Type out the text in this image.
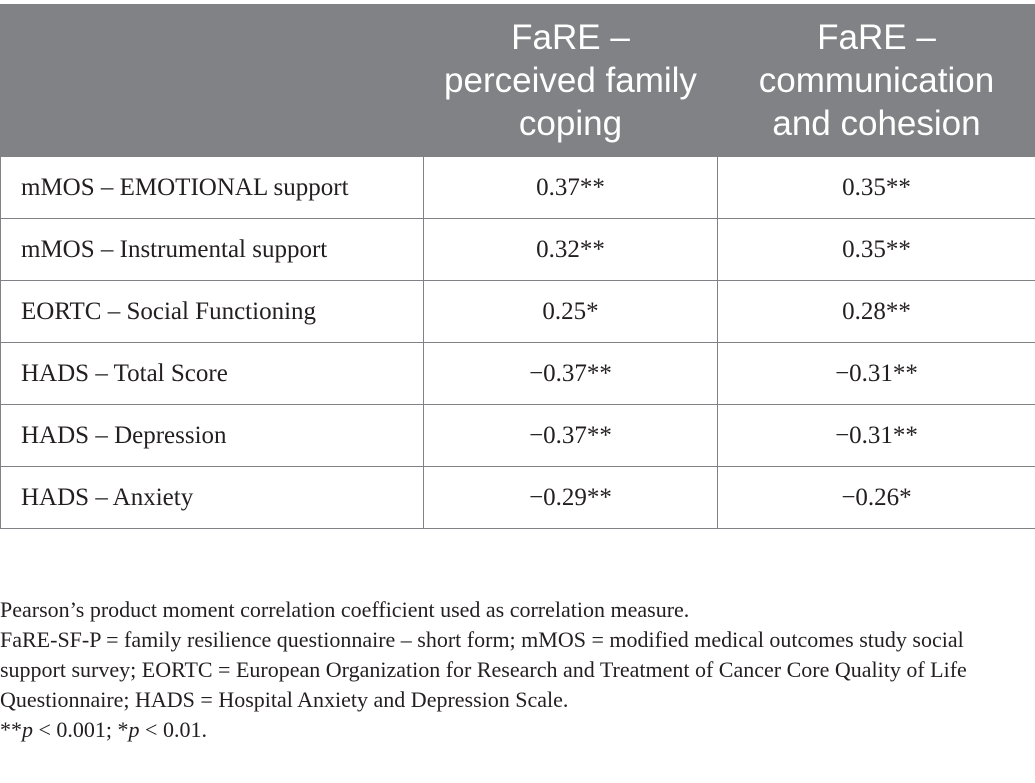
	FaRE – perceived family coping	FaRE – communication and cohesion
mMOS – EMOTIONAL support	0.37**	0.35**
mMOS – Instrumental support	0.32**	0.35**
EORTC – Social Functioning	0.25*	0.28**
HADS – Total Score	−0.37**	−0.31**
HADS – Depression	−0.37**	−0.31**
HADS – Anxiety	−0.29**	−0.26*

Pearson’s product moment correlation coefficient used as correlation measure.

FaRE-SF-P = family resilience questionnaire – short form; mMOS = modified medical outcomes study social support survey; EORTC = European Organization for Research and Treatment of Cancer Core Quality of Life Questionnaire; HADS = Hospital Anxiety and Depression Scale.

**p < 0.001; *p < 0.01.
